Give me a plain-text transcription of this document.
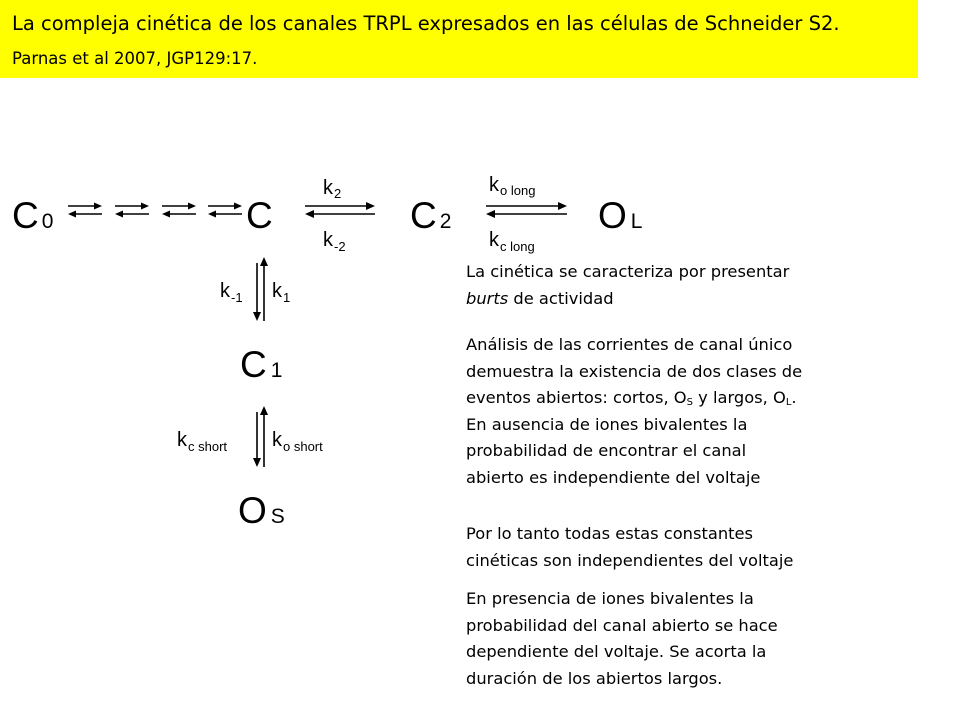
La compleja cinética de los canales TRPL expresados en las células de Schneider S2.
Parnas et al 2007, JGP129:17.
C 0	C	C 2	O L
C 1
O S
$k_2$
$k_{-2}$
$k_{o long}$
$k_{c long}$
$k_{-1}$ $k_1$
$k_{c short}$ $k_{o short}$
La cinética se caracteriza por presentar
burts de actividad
Análisis de las corrientes de canal único
demuestra la existencia de dos clases de
eventos abiertos: cortos, $O_S$ y largos, $O_L$.
En ausencia de iones bivalentes la
probabilidad de encontrar el canal
abierto es independiente del voltaje
Por lo tanto todas estas constantes
cinéticas son independientes del voltaje
En presencia de iones bivalentes la
probabilidad del canal abierto se hace
dependiente del voltaje. Se acorta la
duración de los abiertos largos.
